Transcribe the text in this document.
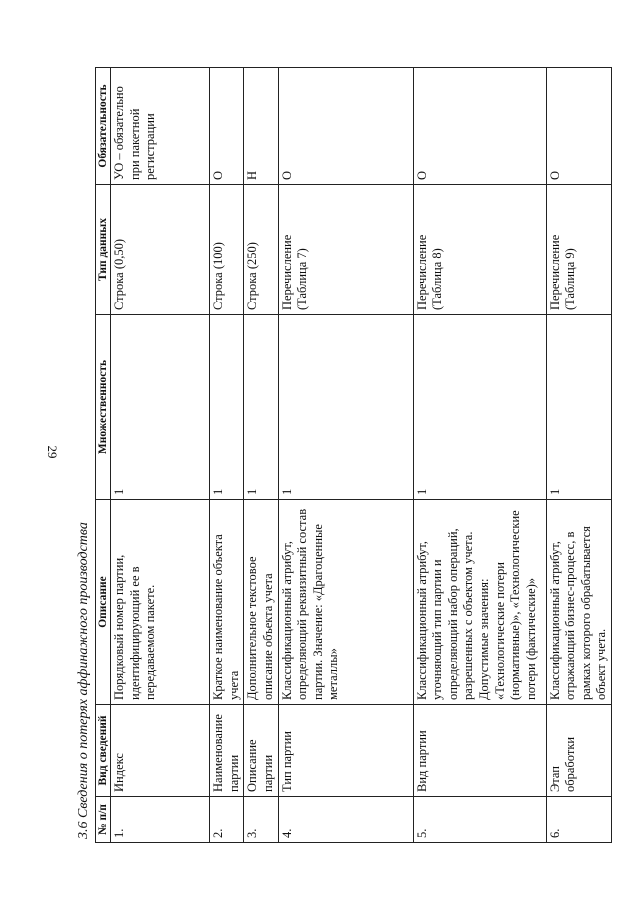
29
3.6 Сведения о потерях аффинажного производства № п/п	Вид сведений	Описание	Множественность	Тип данных	Обязательность
1.	Индекс	Порядковый номер партии, идентифицирующий ее в передаваемом пакете.	1	Строка (0,50)	УО – обязательно при пакетной регистрации
2.	Наименование партии	Краткое наименование объекта учета	1	Строка (100)	О
3.	Описание партии	Дополнительное текстовое описание объекта учета	1	Строка (250)	Н
4.	Тип партии	Классификационный атрибут, определяющий реквизитный состав партии. Значение: «Драгоценные металлы»	1	Перечисление (Таблица 7)	О
5.	Вид партии	Классификационный атрибут, уточняющий тип партии и определяющий набор операций, разрешенных с объектом учета. Допустимые значения: «Технологические потери (нормативные)», «Технологические потери (фактические)»	1	Перечисление (Таблица 8)	О
6.	Этап обработки	Классификационный атрибут, отражающий бизнес-процесс, в рамках которого обрабатывается объект учета.	1	Перечисление (Таблица 9)	О
